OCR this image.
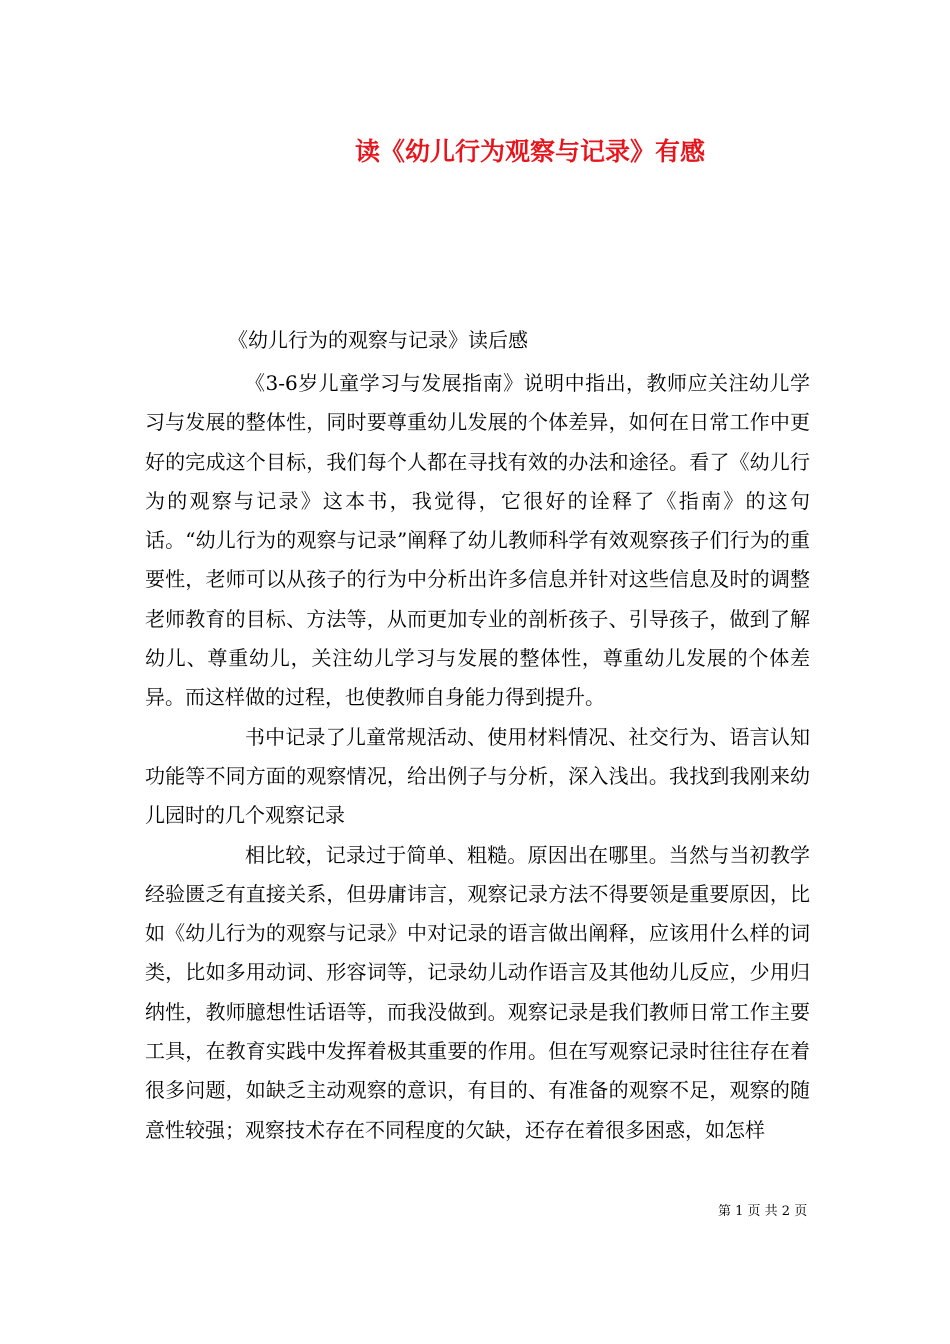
读《幼儿行为观察与记录》有感
《幼儿行为的观察与记录》读后感

《3-6岁儿童学习与发展指南》说明中指出，教师应关注幼儿学习与发展的整体性，同时要尊重幼儿发展的个体差异，如何在日常工作中更好的完成这个目标，我们每个人都在寻找有效的办法和途径。看了《幼儿行为的观察与记录》这本书，我觉得，它很好的诠释了《指南》的这句话。“幼儿行为的观察与记录”阐释了幼儿教师科学有效观察孩子们行为的重要性，老师可以从孩子的行为中分析出许多信息并针对这些信息及时的调整老师教育的目标、方法等，从而更加专业的剖析孩子、引导孩子，做到了解幼儿、尊重幼儿，关注幼儿学习与发展的整体性，尊重幼儿发展的个体差异。而这样做的过程，也使教师自身能力得到提升。

书中记录了儿童常规活动、使用材料情况、社交行为、语言认知功能等不同方面的观察情况，给出例子与分析，深入浅出。我找到我刚来幼儿园时的几个观察记录

相比较，记录过于简单、粗糙。原因出在哪里。当然与当初教学经验匮乏有直接关系，但毋庸讳言，观察记录方法不得要领是重要原因，比如《幼儿行为的观察与记录》中对记录的语言做出阐释，应该用什么样的词类，比如多用动词、形容词等，记录幼儿动作语言及其他幼儿反应，少用归纳性，教师臆想性话语等，而我没做到。观察记录是我们教师日常工作主要工具，在教育实践中发挥着极其重要的作用。但在写观察记录时往往存在着很多问题，如缺乏主动观察的意识，有目的、有准备的观察不足，观察的随意性较强；观察技术存在不同程度的欠缺，还存在着很多困惑，如怎样

第 1 页 共 2 页
